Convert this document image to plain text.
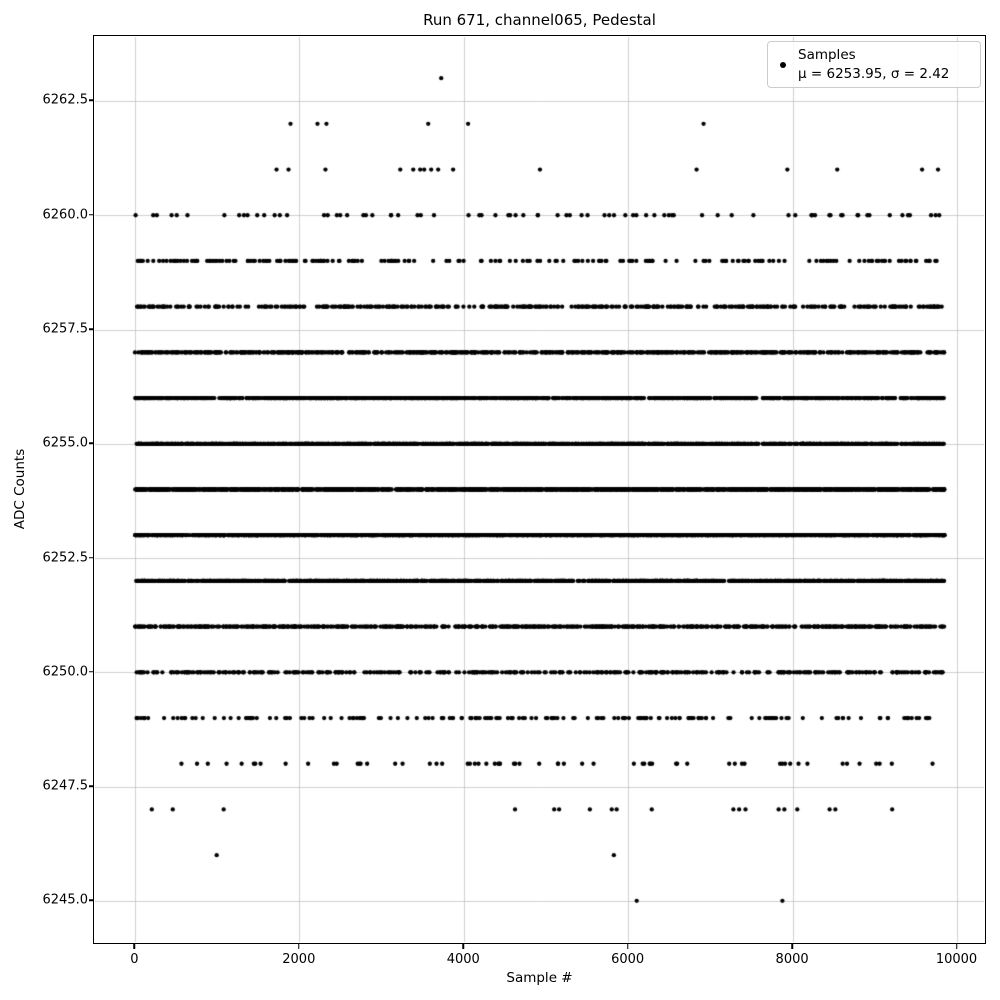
Run 671, channel065, Pedestal
6245.0
6247.5
6250.0
6252.5
6255.0
6257.5
6260.0
6262.5
0	2000	4000	6000	8000	10000
Sample #
ADC Counts
Samples
μ = 6253.95, σ = 2.42
